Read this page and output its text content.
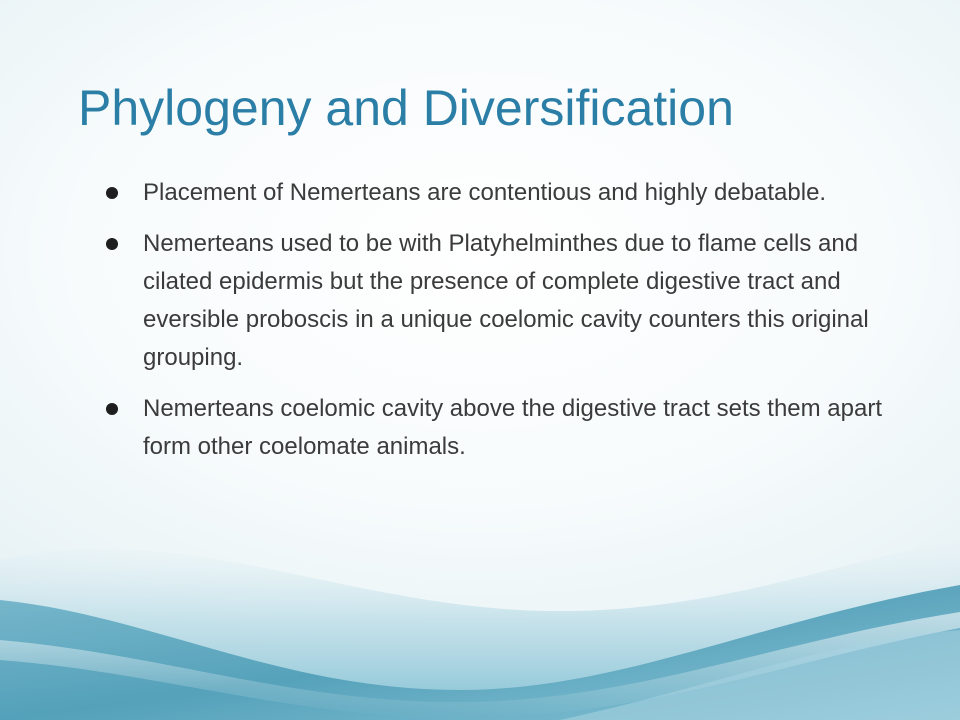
Phylogeny and Diversification
Placement of Nemerteans are contentious and highly debatable.
Nemerteans used to be with Platyhelminthes due to flame cells and cilated epidermis but the presence of complete digestive tract and eversible proboscis in a unique coelomic cavity counters this original grouping.
Nemerteans coelomic cavity above the digestive tract sets them apart form other coelomate animals.
